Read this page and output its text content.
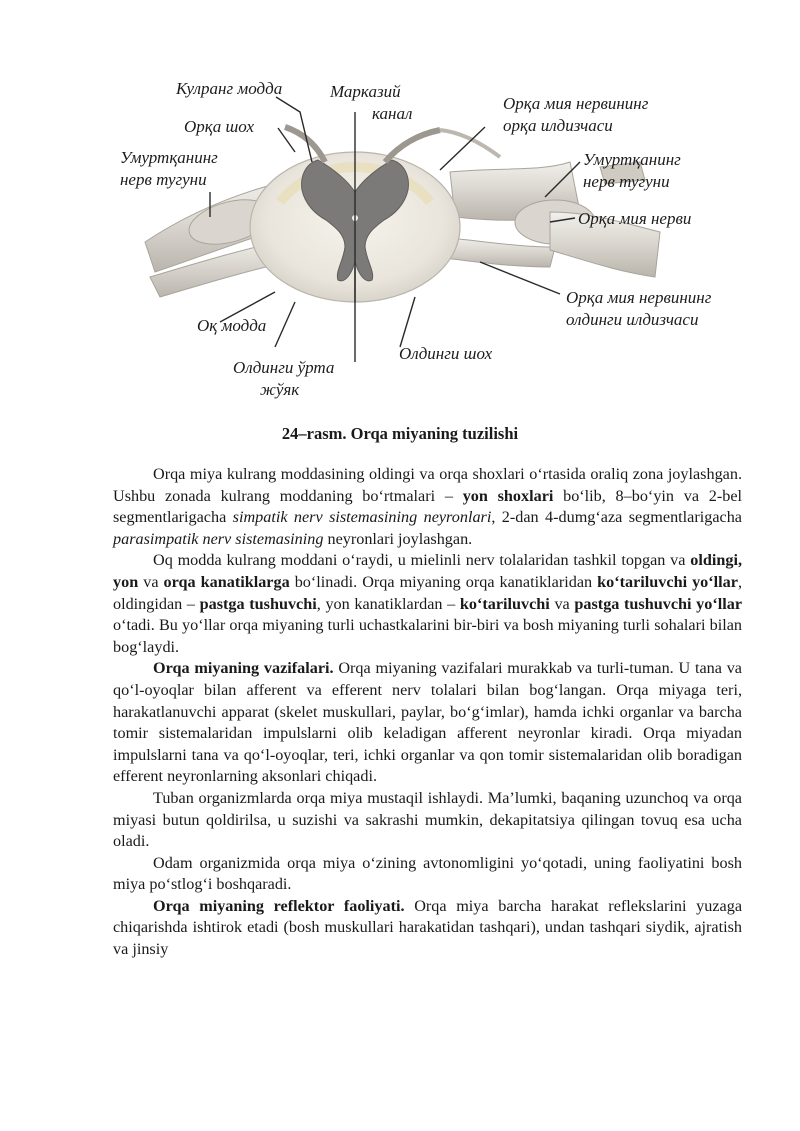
Кулранг модда	Марказий
канал
Орқа мия нервининг
орқа илдизчаси
Орқа шох
Умуртқанинг
нерв тугуни
Умуртқанинг
нерв тугуни
Орқа мия нерви
Орқа мия нервининг
олдинги илдизчаси
Оқ модда
Олдинги шох
Олдинги ўрта
жўяк
24–rasm. Orqa miyaning tuzilishi

Orqa miya kulrang moddasining oldingi va orqa shoxlari oʻrtasida oraliq zona joylashgan. Ushbu zonada kulrang moddaning boʻrtmalari – yon shoxlari boʻlib, 8–boʻyin va 2-bel segmentlarigacha simpatik nerv sistemasining neyronlari, 2-dan 4-dumgʻaza segmentlarigacha parasimpatik nerv sistemasining neyronlari joylashgan.

Oq modda kulrang moddani oʻraydi, u mielinli nerv tolalaridan tashkil topgan va oldingi, yon va orqa kanatiklarga boʻlinadi. Orqa miyaning orqa kanatiklaridan koʻtariluvchi yoʻllar, oldingidan – pastga tushuvchi, yon kanatiklardan – koʻtariluvchi va pastga tushuvchi yoʻllar oʻtadi. Bu yoʻllar orqa miyaning turli uchastkalarini bir-biri va bosh miyaning turli sohalari bilan bogʻlaydi.

Orqa miyaning vazifalari. Orqa miyaning vazifalari murakkab va turli-tuman. U tana va qoʻl-oyoqlar bilan afferent va efferent nerv tolalari bilan bogʻlangan. Orqa miyaga teri, harakatlanuvchi apparat (skelet muskullari, paylar, boʻgʻimlar), hamda ichki organlar va barcha tomir sistemalaridan impulslarni olib keladigan afferent neyronlar kiradi. Orqa miyadan impulslarni tana va qoʻl-oyoqlar, teri, ichki organlar va qon tomir sistemalaridan olib boradigan efferent neyronlarning aksonlari chiqadi.

Tuban organizmlarda orqa miya mustaqil ishlaydi. Maʼlumki, baqaning uzunchoq va orqa miyasi butun qoldirilsa, u suzishi va sakrashi mumkin, dekapitatsiya qilingan tovuq esa ucha oladi.

Odam organizmida orqa miya oʻzining avtonomligini yoʻqotadi, uning faoliyatini bosh miya poʻstlogʻi boshqaradi.

Orqa miyaning reflektor faoliyati. Orqa miya barcha harakat reflekslarini yuzaga chiqarishda ishtirok etadi (bosh muskullari harakatidan tashqari), undan tashqari siydik, ajratish va jinsiy
